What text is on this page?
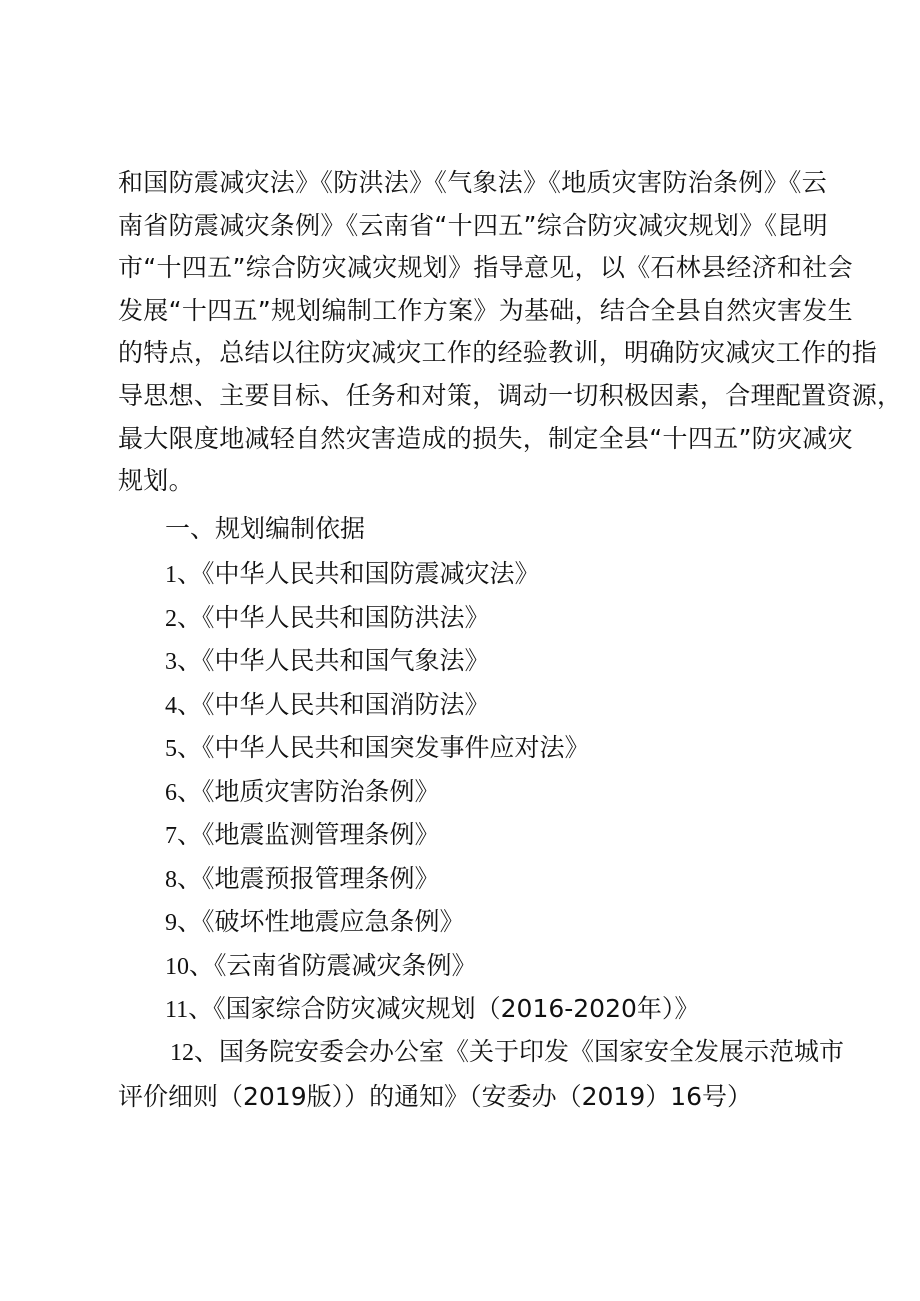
和国防震减灾法》《防洪法》《气象法》《地质灾害防治条例》《云
南省防震减灾条例》《云南省“十四五”综合防灾减灾规划》《昆明
市“十四五”综合防灾减灾规划》指导意见，以《石林县经济和社会
发展“十四五”规划编制工作方案》为基础，结合全县自然灾害发生
的特点，总结以往防灾减灾工作的经验教训，明确防灾减灾工作的指
导思想、主要目标、任务和对策，调动一切积极因素，合理配置资源，
最大限度地减轻自然灾害造成的损失，制定全县“十四五”防灾减灾
规划。
一、规划编制依据
1、《中华人民共和国防震减灾法》
2、《中华人民共和国防洪法》
3、《中华人民共和国气象法》
4、《中华人民共和国消防法》
5、《中华人民共和国突发事件应对法》
6、《地质灾害防治条例》
7、《地震监测管理条例》
8、《地震预报管理条例》
9、《破坏性地震应急条例》
10、《云南省防震减灾条例》
11、《国家综合防灾减灾规划（2016-2020年）》
12、国务院安委会办公室《关于印发《国家安全发展示范城市
评价细则（2019版））的通知》（安委办（2019）16号）
